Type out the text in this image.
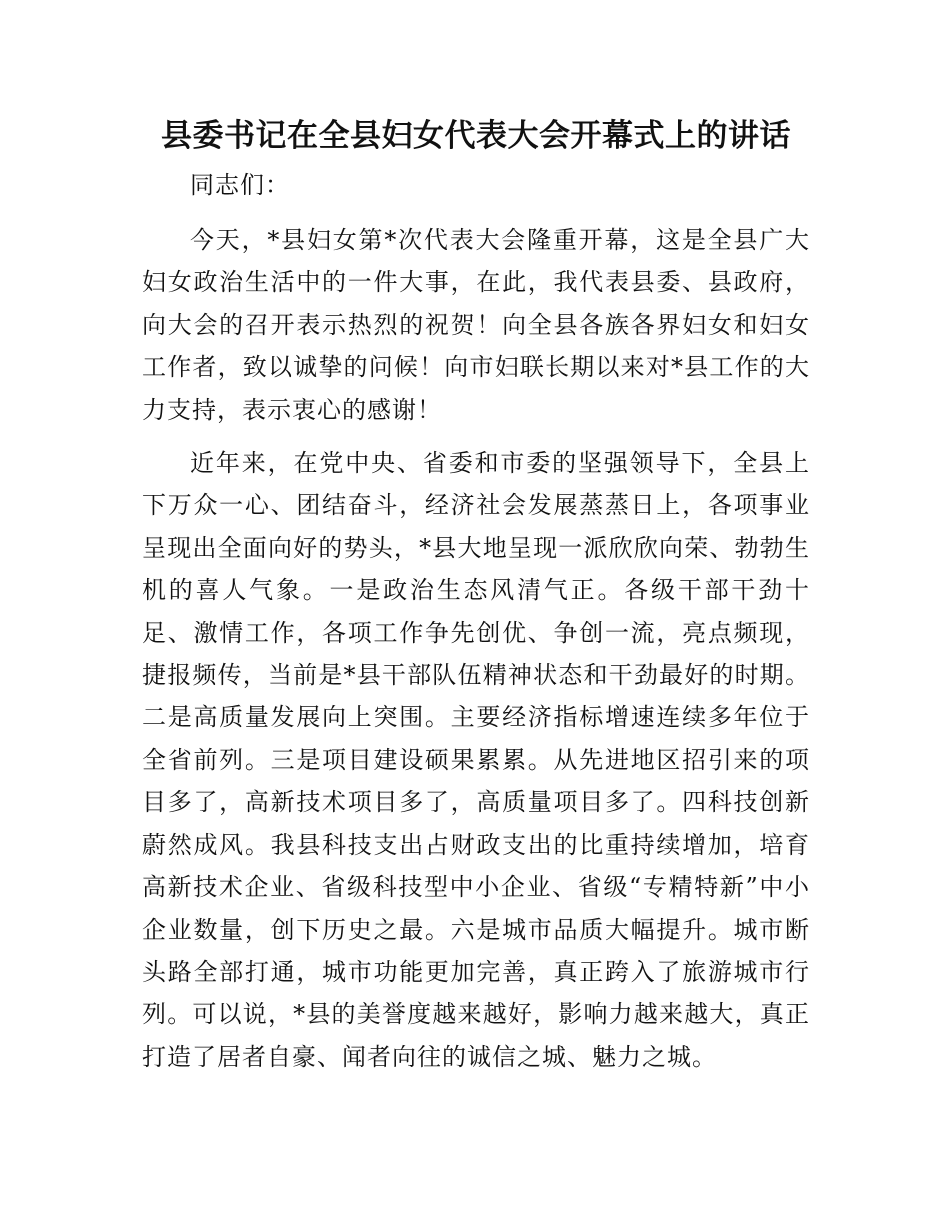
县委书记在全县妇女代表大会开幕式上的讲话

同志们：

今天，*县妇女第*次代表大会隆重开幕，这是全县广大妇女政治生活中的一件大事，在此，我代表县委、县政府，向大会的召开表示热烈的祝贺！向全县各族各界妇女和妇女工作者，致以诚挚的问候！向市妇联长期以来对*县工作的大力支持，表示衷心的感谢！

近年来，在党中央、省委和市委的坚强领导下，全县上下万众一心、团结奋斗，经济社会发展蒸蒸日上，各项事业呈现出全面向好的势头，*县大地呈现一派欣欣向荣、勃勃生机的喜人气象。一是政治生态风清气正。各级干部干劲十足、激情工作，各项工作争先创优、争创一流，亮点频现，捷报频传，当前是*县干部队伍精神状态和干劲最好的时期。二是高质量发展向上突围。主要经济指标增速连续多年位于全省前列。三是项目建设硕果累累。从先进地区招引来的项目多了，高新技术项目多了，高质量项目多了。四科技创新蔚然成风。我县科技支出占财政支出的比重持续增加，培育高新技术企业、省级科技型中小企业、省级“专精特新”中小企业数量，创下历史之最。六是城市品质大幅提升。城市断头路全部打通，城市功能更加完善，真正跨入了旅游城市行列。可以说，*县的美誉度越来越好，影响力越来越大，真正打造了居者自豪、闻者向往的诚信之城、魅力之城。
